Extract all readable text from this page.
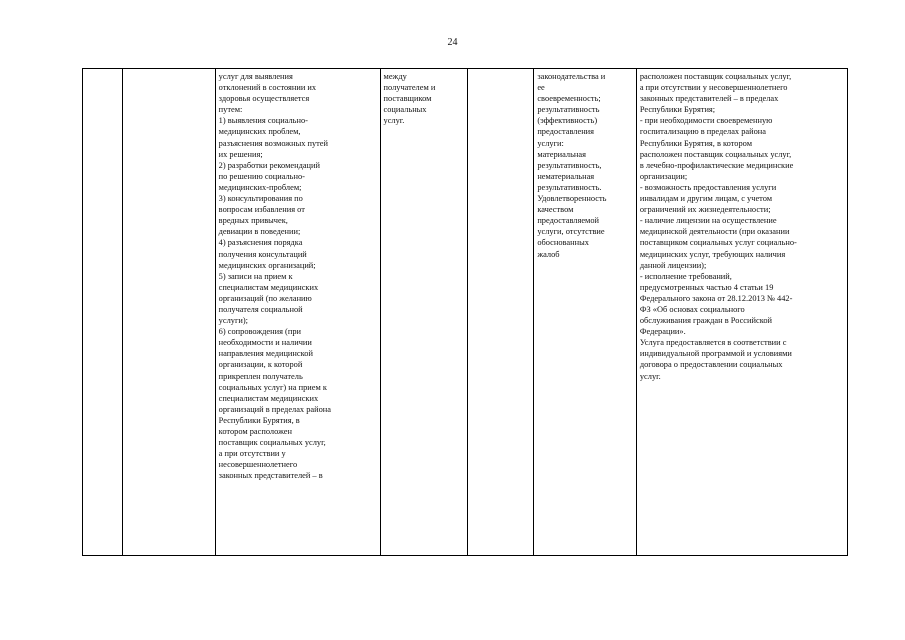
24
		услуг для выявления
отклонений в состоянии их
здоровья осуществляется
путем:
1) выявления социально-
медицинских проблем,
разъяснения возможных путей
их решения;
2) разработки рекомендаций
по решению социально-
медицинских-проблем;
3) консультирования по
вопросам избавления от
вредных привычек,
девиации в поведении;
4) разъяснения порядка
получения консультаций
медицинских организаций;
5) записи на прием к
специалистам медицинских
организаций (по желанию
получателя социальной
услуги);
6) сопровождения (при
необходимости и наличии
направления медицинской
организации, к которой
прикреплен получатель
социальных услуг) на прием к
специалистам медицинских
организаций в пределах района
Республики Бурятия, в
котором расположен
поставщик социальных услуг,
а при отсутствии у
несовершеннолетнего
законных представителей – в	между
получателем и
поставщиком
социальных
услуг.		законодательства и
ее
своевременность;
результативность
(эффективность)
предоставления
услуги:
материальная
результативность,
нематериальная
результативность.
Удовлетворенность
качеством
предоставляемой
услуги, отсутствие
обоснованных
жалоб	расположен поставщик социальных услуг,
а при отсутствии у несовершеннолетнего
законных представителей – в пределах
Республики Бурятия;
- при необходимости своевременную
госпитализацию в пределах района
Республики Бурятия, в котором
расположен поставщик социальных услуг,
в лечебно-профилактические медицинские
организации;
- возможность предоставления услуги
инвалидам и другим лицам, с учетом
ограничений их жизнедеятельности;
- наличие лицензии на осуществление
медицинской деятельности (при оказании
поставщиком социальных услуг социально-
медицинских услуг, требующих наличия
данной лицензии);
- исполнение требований,
предусмотренных частью 4 статьи 19
Федерального закона от 28.12.2013 № 442-
ФЗ «Об основах социального
обслуживания граждан в Российской
Федерации».
Услуга предоставляется в соответствии с
индивидуальной программой и условиями
договора о предоставлении социальных
услуг.
